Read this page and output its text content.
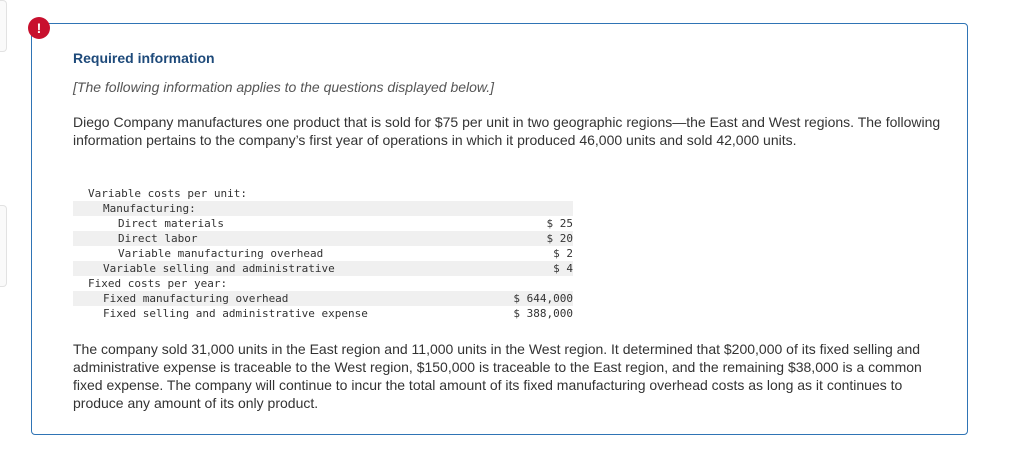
!
Required information
[The following information applies to the questions displayed below.]
Diego Company manufactures one product that is sold for $75 per unit in two geographic regions—the East and West regions. The following information pertains to the company’s first year of operations in which it produced 46,000 units and sold 42,000 units.
Variable costs per unit:
Manufacturing:
Direct materials	$ 25
Direct labor	$ 20
Variable manufacturing overhead	$ 2
Variable selling and administrative	$ 4
Fixed costs per year:
Fixed manufacturing overhead	$ 644,000
Fixed selling and administrative expense	$ 388,000
The company sold 31,000 units in the East region and 11,000 units in the West region. It determined that $200,000 of its fixed selling and administrative expense is traceable to the West region, $150,000 is traceable to the East region, and the remaining $38,000 is a common fixed expense. The company will continue to incur the total amount of its fixed manufacturing overhead costs as long as it continues to produce any amount of its only product.
